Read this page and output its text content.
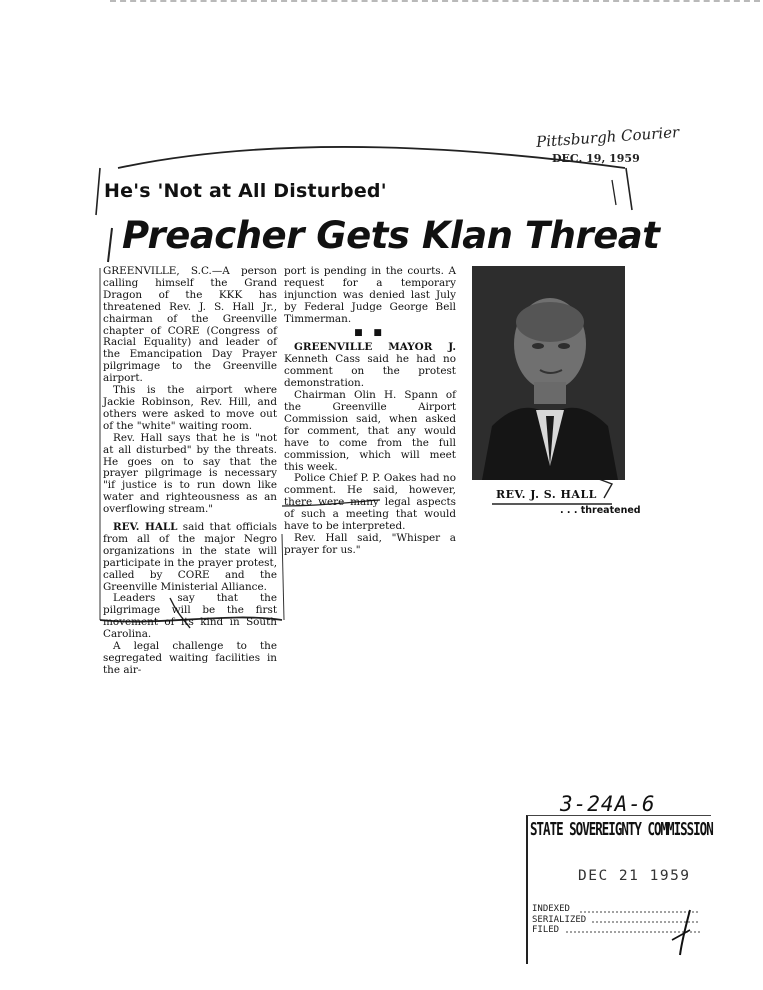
Pittsburgh Courier
DEC. 19, 1959
He's 'Not at All Disturbed'
Preacher Gets Klan Threat

GREENVILLE, S.C.—A person calling himself the Grand Dragon of the KKK has threatened Rev. J. S. Hall Jr., chairman of the Greenville chapter of CORE (Congress of Racial Equality) and leader of the Emancipation Day Prayer pilgrimage to the Greenville airport.

This is the airport where Jackie Robinson, Rev. Hill, and others were asked to move out of the "white" waiting room.

Rev. Hall says that he is "not at all disturbed" by the threats. He goes on to say that the prayer pilgrimage is necessary "if justice is to run down like water and righteousness as an overflowing stream."

REV. HALL said that officials from all of the major Negro organizations in the state will participate in the prayer protest, called by CORE and the Greenville Ministerial Alliance.

Leaders say that the pilgrimage will be the first movement of its kind in South Carolina.

A legal challenge to the segregated waiting facilities in the air-

port is pending in the courts. A request for a temporary injunction was denied last July by Federal Judge George Bell Timmerman.

■ ■

GREENVILLE MAYOR J. Kenneth Cass said he had no comment on the protest demonstration.

Chairman Olin H. Spann of the Greenville Airport Commission said, when asked for comment, that any would have to come from the full commission, which will meet this week.

Police Chief P. P. Oakes had no comment. He said, however, there were many legal aspects of such a meeting that would have to be interpreted.

Rev. Hall said, "Whisper a prayer for us."

REV. J. S. HALL
. . . threatened
3-24A-6
STATE SOVEREIGNTY COMMISSION
DEC 21 1959
INDEXED
SERIALIZED
FILED
